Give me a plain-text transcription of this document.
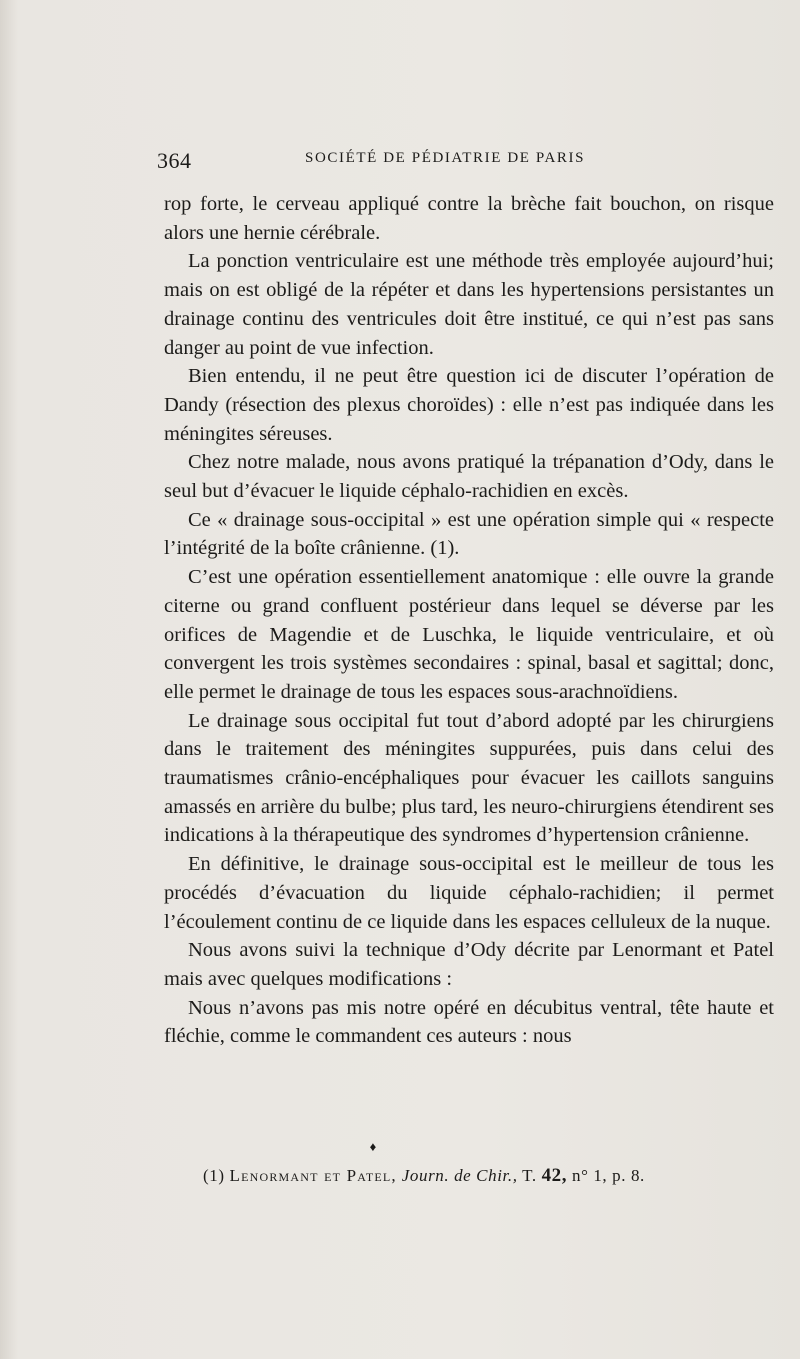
364	SOCIÉTÉ DE PÉDIATRIE DE PARIS

rop forte, le cerveau appliqué contre la brèche fait bouchon, on risque alors une hernie cérébrale.

La ponction ventriculaire est une méthode très employée aujourd’hui; mais on est obligé de la répéter et dans les hypertensions persistantes un drainage continu des ventricules doit être institué, ce qui n’est pas sans danger au point de vue infection.

Bien entendu, il ne peut être question ici de discuter l’opération de Dandy (résection des plexus choroïdes) : elle n’est pas indiquée dans les méningites séreuses.

Chez notre malade, nous avons pratiqué la trépanation d’Ody, dans le seul but d’évacuer le liquide céphalo-rachidien en excès.

Ce « drainage sous-occipital » est une opération simple qui « respecte l’intégrité de la boîte crânienne. (1).

C’est une opération essentiellement anatomique : elle ouvre la grande citerne ou grand confluent postérieur dans lequel se déverse par les orifices de Magendie et de Luschka, le liquide ventriculaire, et où convergent les trois systèmes secondaires : spinal, basal et sagittal; donc, elle permet le drainage de tous les espaces sous-arachnoïdiens.

Le drainage sous occipital fut tout d’abord adopté par les chirurgiens dans le traitement des méningites suppurées, puis dans celui des traumatismes crânio-encéphaliques pour évacuer les caillots sanguins amassés en arrière du bulbe; plus tard, les neuro-chirurgiens étendirent ses indications à la thérapeutique des syndromes d’hypertension crânienne.

En définitive, le drainage sous-occipital est le meilleur de tous les procédés d’évacuation du liquide céphalo-rachidien; il permet l’écoulement continu de ce liquide dans les espaces celluleux de la nuque.

Nous avons suivi la technique d’Ody décrite par Lenormant et Patel mais avec quelques modifications :

Nous n’avons pas mis notre opéré en décubitus ventral, tête haute et fléchie, comme le commandent ces auteurs : nous

♦
(1) Lenormant et Patel, Journ. de Chir., T. 42, n° 1, p. 8.
